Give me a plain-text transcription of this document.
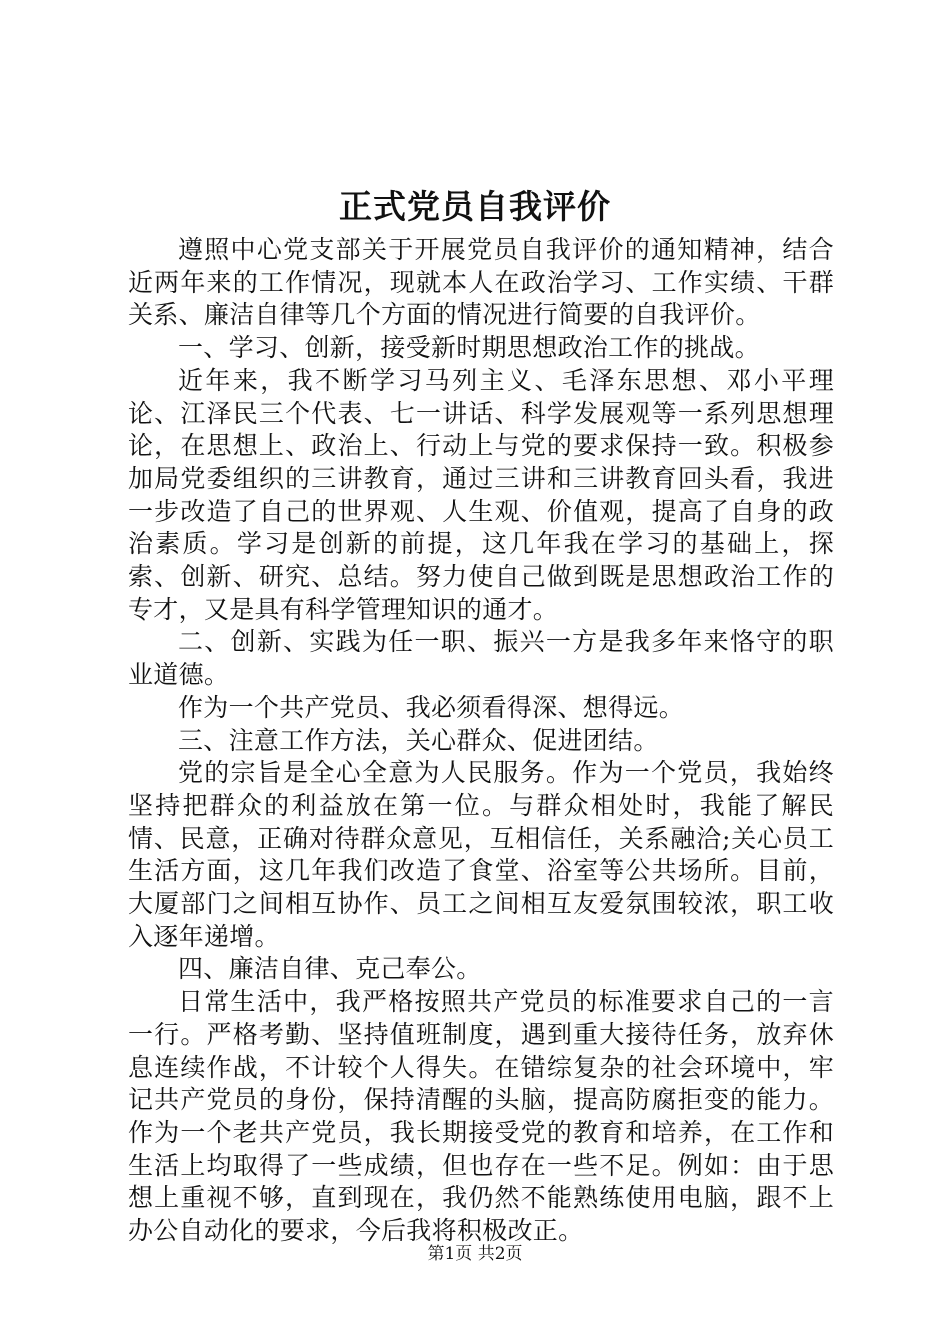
正式党员自我评价

遵照中心党支部关于开展党员自我评价的通知精神，结合近两年来的工作情况，现就本人在政治学习、工作实绩、干群关系、廉洁自律等几个方面的情况进行简要的自我评价。

一、学习、创新，接受新时期思想政治工作的挑战。

近年来，我不断学习马列主义、毛泽东思想、邓小平理论、江泽民三个代表、七一讲话、科学发展观等一系列思想理论，在思想上、政治上、行动上与党的要求保持一致。积极参加局党委组织的三讲教育，通过三讲和三讲教育回头看，我进一步改造了自己的世界观、人生观、价值观，提高了自身的政治素质。学习是创新的前提，这几年我在学习的基础上，探索、创新、研究、总结。努力使自己做到既是思想政治工作的专才，又是具有科学管理知识的通才。

二、创新、实践为任一职、振兴一方是我多年来恪守的职业道德。

作为一个共产党员、我必须看得深、想得远。

三、注意工作方法，关心群众、促进团结。

党的宗旨是全心全意为人民服务。作为一个党员，我始终坚持把群众的利益放在第一位。与群众相处时，我能了解民情、民意，正确对待群众意见，互相信任，关系融洽;关心员工生活方面，这几年我们改造了食堂、浴室等公共场所。目前，大厦部门之间相互协作、员工之间相互友爱氛围较浓，职工收入逐年递增。

四、廉洁自律、克己奉公。

日常生活中，我严格按照共产党员的标准要求自己的一言一行。严格考勤、坚持值班制度，遇到重大接待任务，放弃休息连续作战，不计较个人得失。在错综复杂的社会环境中，牢记共产党员的身份，保持清醒的头脑，提高防腐拒变的能力。作为一个老共产党员，我长期接受党的教育和培养，在工作和生活上均取得了一些成绩，但也存在一些不足。例如：由于思想上重视不够，直到现在，我仍然不能熟练使用电脑，跟不上办公自动化的要求，今后我将积极改正。

第1页 共2页
